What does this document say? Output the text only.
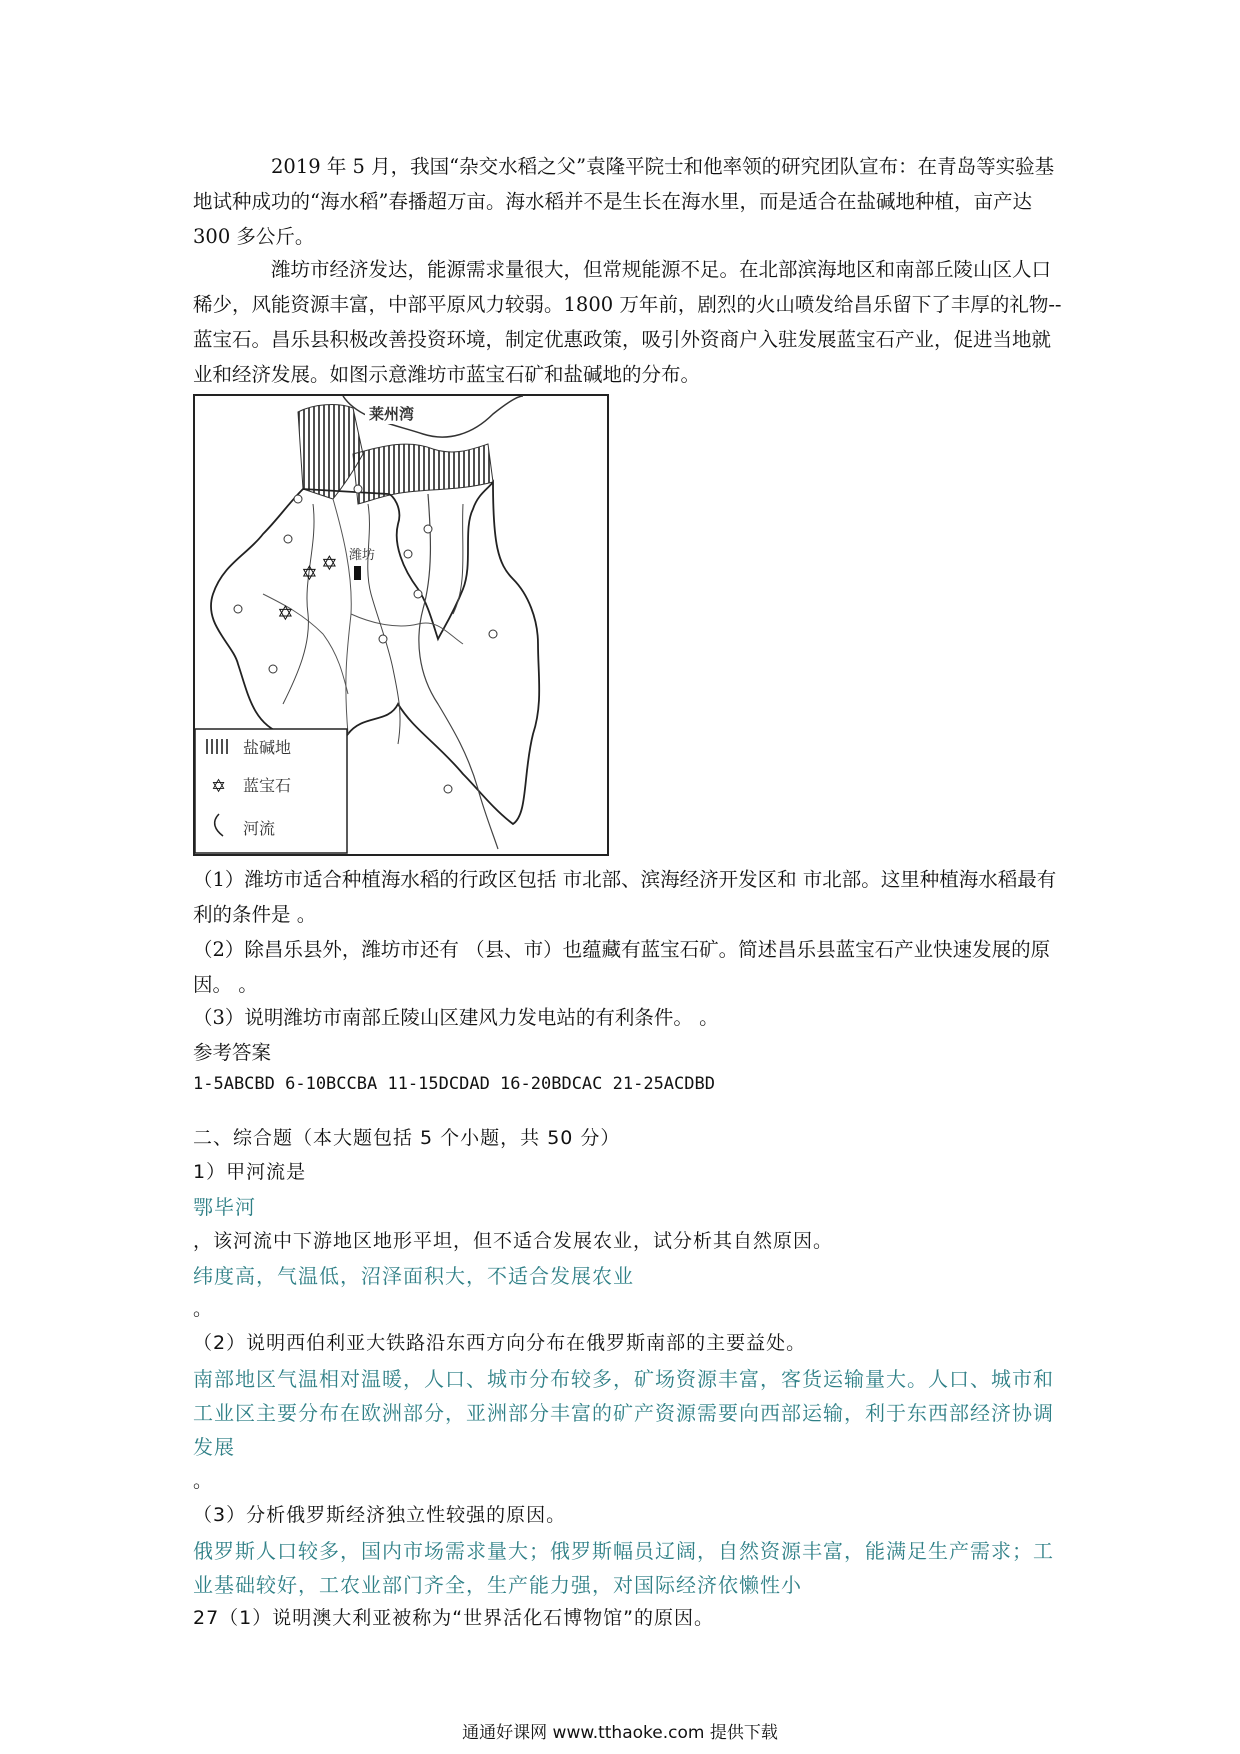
2019 年 5 月，我国“杂交水稻之父”袁隆平院士和他率领的研究团队宣布：在青岛等实验基地试种成功的“海水稻”春播超万亩。海水稻并不是生长在海水里，而是适合在盐碱地种植，亩产达 300 多公斤。
潍坊市经济发达，能源需求量很大，但常规能源不足。在北部滨海地区和南部丘陵山区人口稀少，风能资源丰富，中部平原风力较弱。1800 万年前，剧烈的火山喷发给昌乐留下了丰厚的礼物--蓝宝石。昌乐县积极改善投资环境，制定优惠政策，吸引外资商户入驻发展蓝宝石产业，促进当地就业和经济发展。如图示意潍坊市蓝宝石矿和盐碱地的分布。
潍坊
莱州湾
✡ ✡
✡
盐碱地
✡ 蓝宝石
河流
（1）潍坊市适合种植海水稻的行政区包括 市北部、滨海经济开发区和 市北部。这里种植海水稻最有利的条件是 。
（2）除昌乐县外，潍坊市还有 （县、市）也蕴藏有蓝宝石矿。简述昌乐县蓝宝石产业快速发展的原因。 。
（3）说明潍坊市南部丘陵山区建风力发电站的有利条件。 。
参考答案
1-5ABCBD 6-10BCCBA 11-15DCDAD 16-20BDCAC 21-25ACDBD
二、综合题（本大题包括 5 个小题，共 50 分）
1）甲河流是
鄂毕河
，该河流中下游地区地形平坦，但不适合发展农业，试分析其自然原因。
纬度高，气温低，沼泽面积大，不适合发展农业
。
（2）说明西伯利亚大铁路沿东西方向分布在俄罗斯南部的主要益处。
南部地区气温相对温暖，人口、城市分布较多，矿场资源丰富，客货运输量大。人口、城市和工业区主要分布在欧洲部分，亚洲部分丰富的矿产资源需要向西部运输，利于东西部经济协调发展
。
（3）分析俄罗斯经济独立性较强的原因。
俄罗斯人口较多，国内市场需求量大；俄罗斯幅员辽阔，自然资源丰富，能满足生产需求；工业基础较好，工农业部门齐全，生产能力强，对国际经济依懒性小
27（1）说明澳大利亚被称为“世界活化石博物馆”的原因。
通通好课网 www.tthaoke.com 提供下载
